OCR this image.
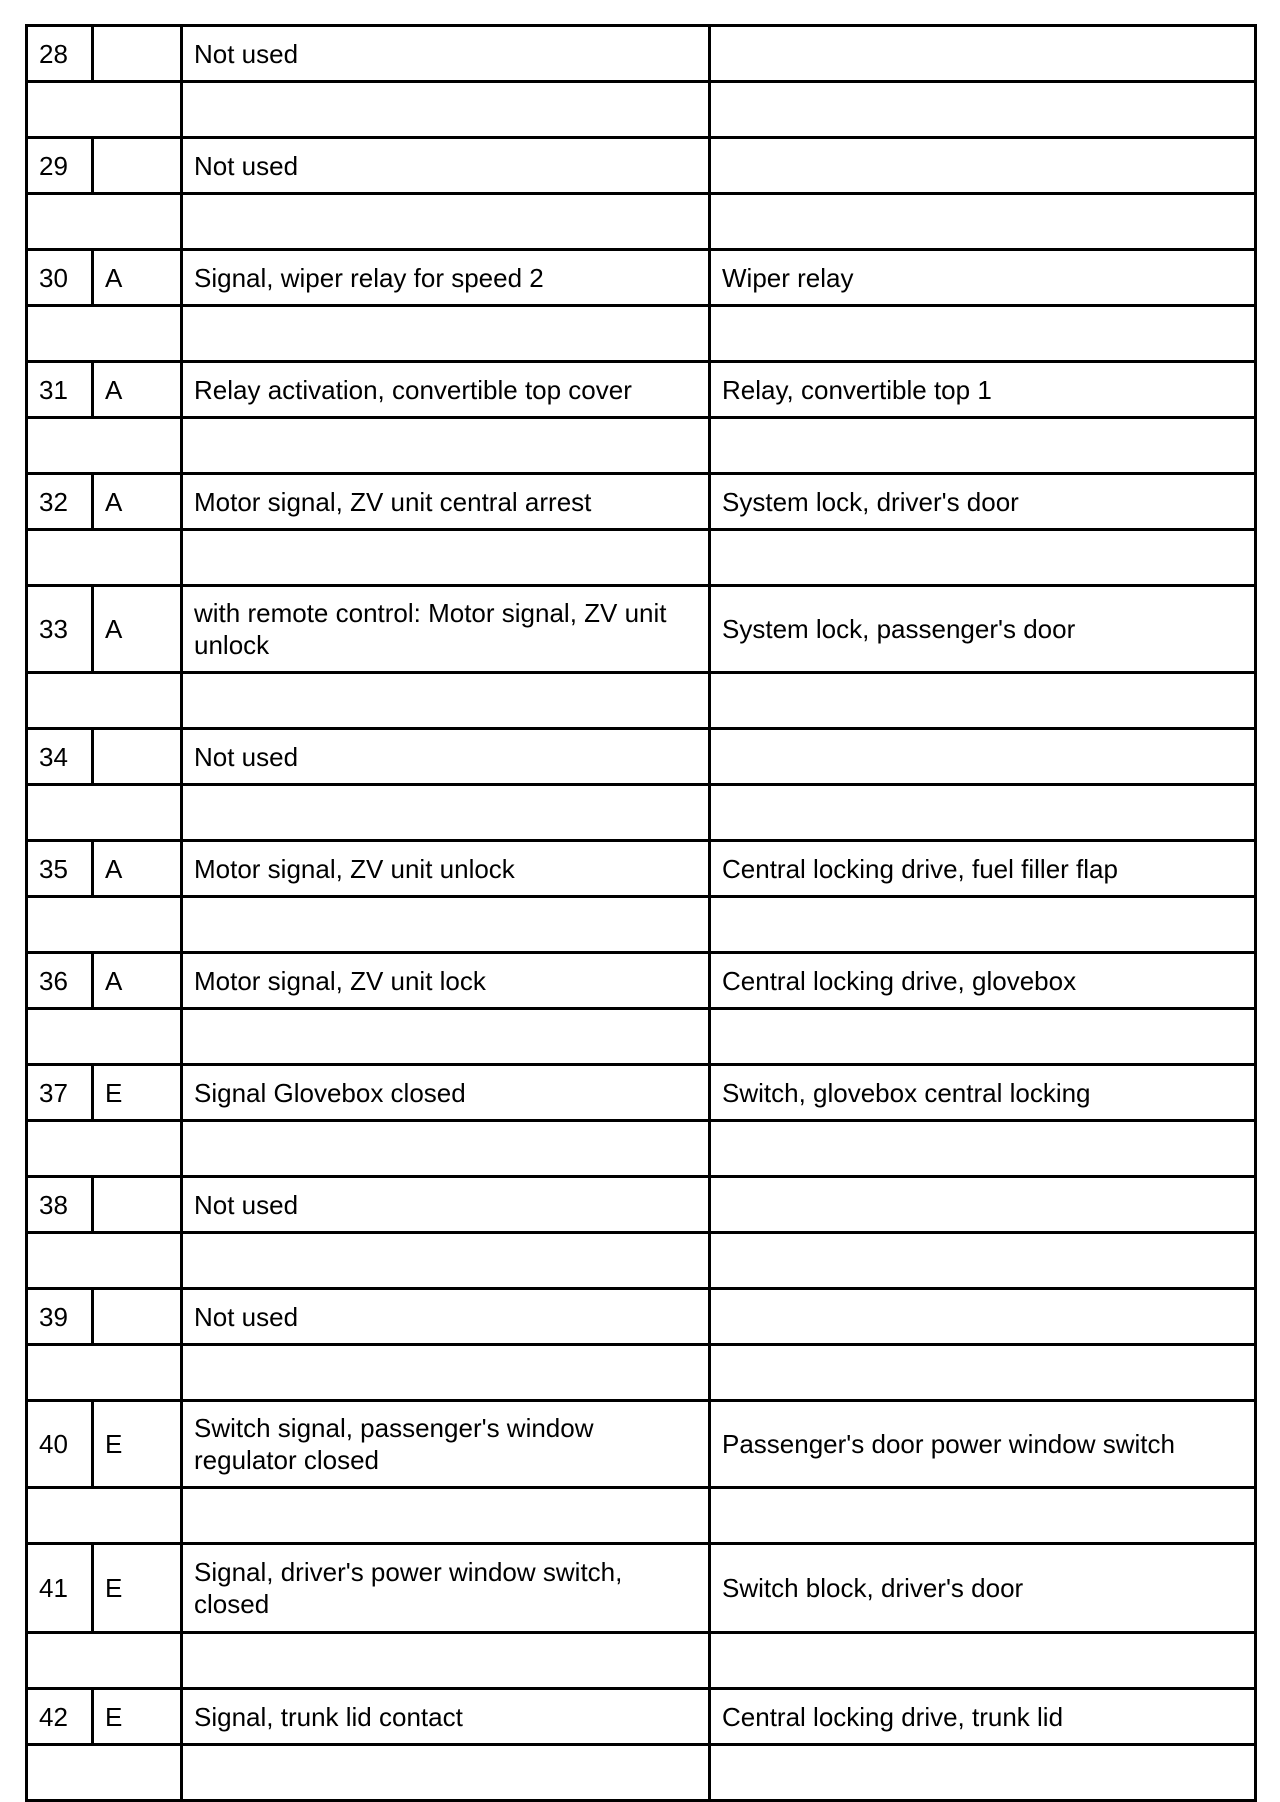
28		Not used	

29		Not used	

30	A	Signal, wiper relay for speed 2	Wiper relay

31	A	Relay activation, convertible top cover	Relay, convertible top 1

32	A	Motor signal, ZV unit central arrest	System lock, driver's door

33	A	with remote control: Motor signal, ZV unit unlock	System lock, passenger's door

34		Not used	

35	A	Motor signal, ZV unit unlock	Central locking drive, fuel filler flap

36	A	Motor signal, ZV unit lock	Central locking drive, glovebox

37	E	Signal Glovebox closed	Switch, glovebox central locking

38		Not used	

39		Not used	

40	E	Switch signal, passenger's window regulator closed	Passenger's door power window switch

41	E	Signal, driver's power window switch, closed	Switch block, driver's door

42	E	Signal, trunk lid contact	Central locking drive, trunk lid
